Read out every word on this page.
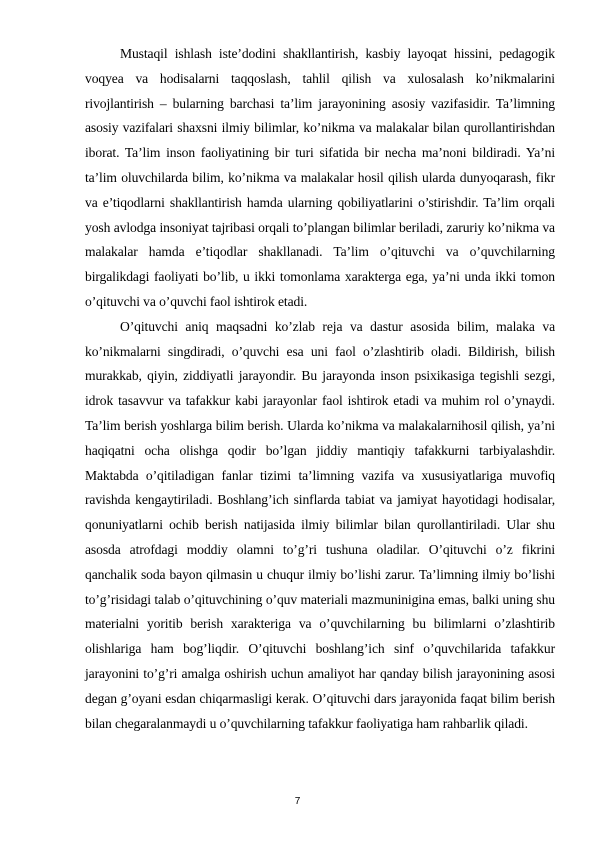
Mustaqil ishlash iste’dodini shakllantirish, kasbiy layoqat hissini, pedagogik voqyea va hodisalarni taqqoslash, tahlil qilish va xulosalash ko’nikmalarini rivojlantirish – bularning barchasi ta’lim jarayonining asosiy vazifasidir. Ta’limning asosiy vazifalari shaxsni ilmiy bilimlar, ko’nikma va malakalar bilan qurollantirishdan iborat. Ta’lim inson faoliyatining bir turi sifatida bir necha ma’noni bildiradi. Ya’ni ta’lim oluvchilarda bilim, ko’nikma va malakalar hosil qilish ularda dunyoqarash, fikr va e’tiqodlarni shakllantirish hamda ularning qobiliyatlarini o’stirishdir. Ta’lim orqali yosh avlodga insoniyat tajribasi orqali to’plangan bilimlar beriladi, zaruriy ko’nikma va malakalar hamda e’tiqodlar shakllanadi. Ta’lim o’qituvchi va o’quvchilarning birgalikdagi faoliyati bo’lib, u ikki tomonlama xarakterga ega, ya’ni unda ikki tomon o’qituvchi va o’quvchi faol ishtirok etadi.

O’qituvchi aniq maqsadni ko’zlab reja va dastur asosida bilim, malaka va ko’nikmalarni singdiradi, o’quvchi esa uni faol o’zlashtirib oladi. Bildirish, bilish murakkab, qiyin, ziddiyatli jarayondir. Bu jarayonda inson psixikasiga tegishli sezgi, idrok tasavvur va tafakkur kabi jarayonlar faol ishtirok etadi va muhim rol o’ynaydi. Ta’lim berish yoshlarga bilim berish. Ularda ko’nikma va malakalarnihosil qilish, ya’ni haqiqatni ocha olishga qodir bo’lgan jiddiy mantiqiy tafakkurni tarbiyalashdir. Maktabda o’qitiladigan fanlar tizimi ta’limning vazifa va xususiyatlariga muvofiq ravishda kengaytiriladi. Boshlang’ich sinflarda tabiat va jamiyat hayotidagi hodisalar, qonuniyatlarni ochib berish natijasida ilmiy bilimlar bilan qurollantiriladi. Ular shu asosda atrofdagi moddiy olamni to’g’ri tushuna oladilar. O’qituvchi o’z fikrini qanchalik soda bayon qilmasin u chuqur ilmiy bo’lishi zarur. Ta’limning ilmiy bo’lishi to’g’risidagi talab o’qituvchining o’quv materiali mazmuninigina emas, balki uning shu materialni yoritib berish xarakteriga va o’quvchilarning bu bilimlarni o’zlashtirib olishlariga ham bog’liqdir. O’qituvchi boshlang’ich sinf o’quvchilarida tafakkur jarayonini to’g’ri amalga oshirish uchun amaliyot har qanday bilish jarayonining asosi degan g’oyani esdan chiqarmasligi kerak. O’qituvchi dars jarayonida faqat bilim berish bilan chegaralanmaydi u o’quvchilarning tafakkur faoliyatiga ham rahbarlik qiladi.

7
